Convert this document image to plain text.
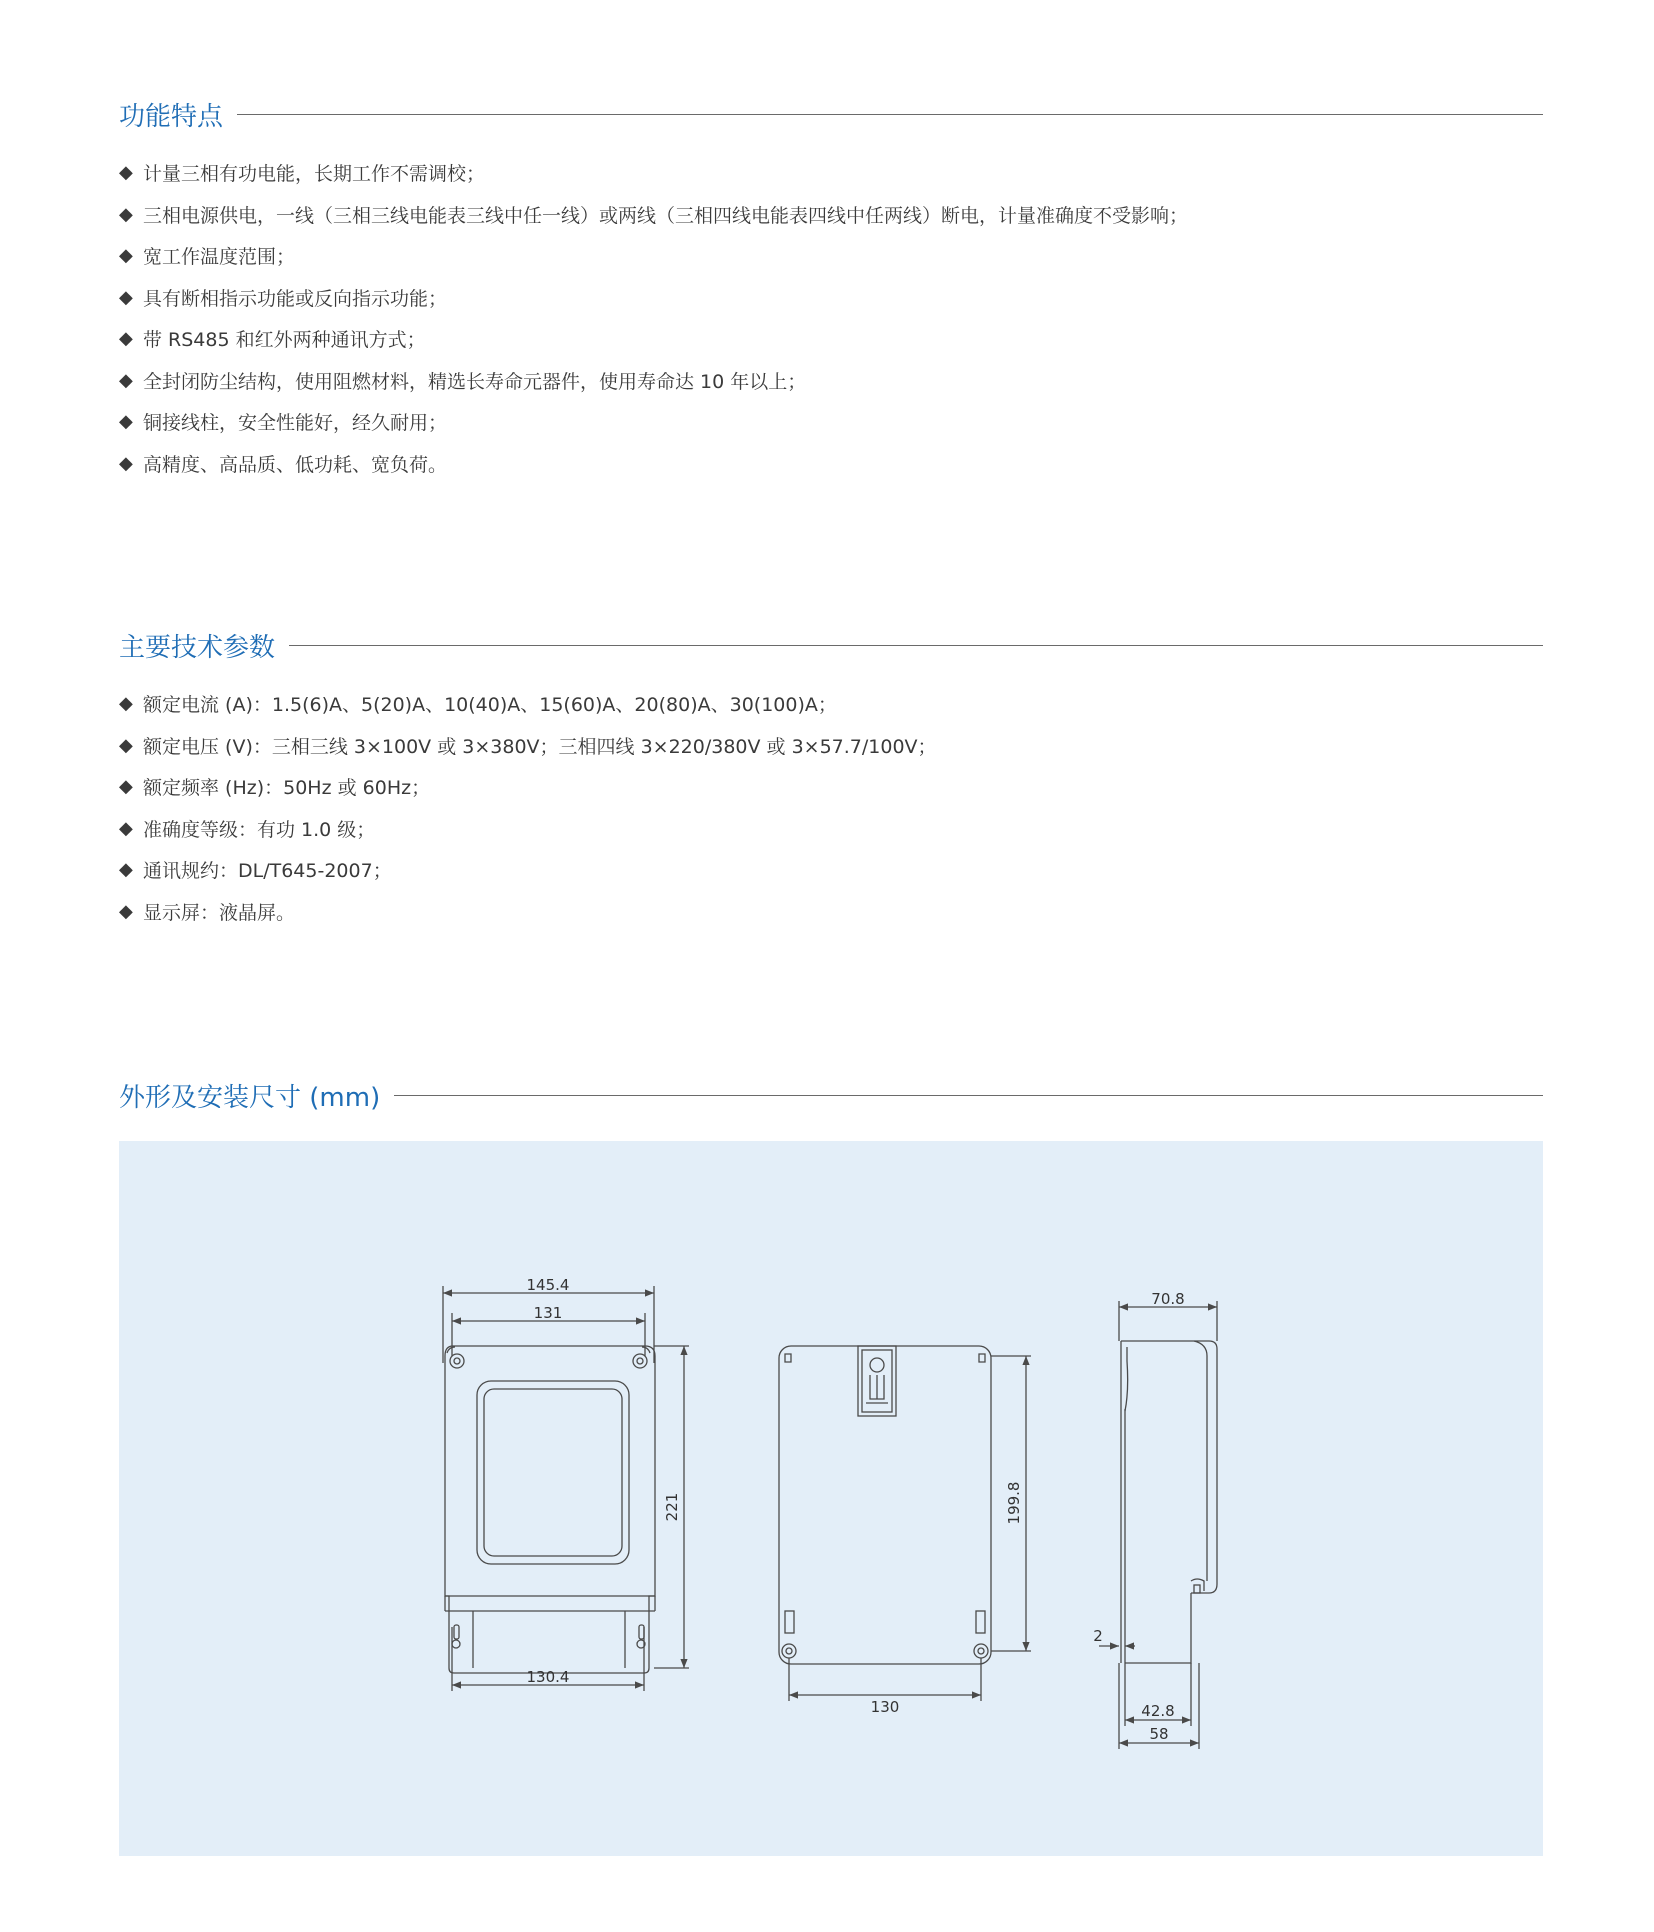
功能特点
◆ 计量三相有功电能，长期工作不需调校；
◆ 三相电源供电，一线（三相三线电能表三线中任一线）或两线（三相四线电能表四线中任两线）断电，计量准确度不受影响；
◆ 宽工作温度范围；
◆ 具有断相指示功能或反向指示功能；
◆ 带 RS485 和红外两种通讯方式；
◆ 全封闭防尘结构，使用阻燃材料，精选长寿命元器件，使用寿命达 10 年以上；
◆ 铜接线柱，安全性能好，经久耐用；
◆ 高精度、高品质、低功耗、宽负荷。
主要技术参数
◆ 额定电流 (A)：1.5(6)A、5(20)A、10(40)A、15(60)A、20(80)A、30(100)A；
◆ 额定电压 (V)：三相三线 3×100V 或 3×380V；三相四线 3×220/380V 或 3×57.7/100V；
◆ 额定频率 (Hz)：50Hz 或 60Hz；
◆ 准确度等级：有功 1.0 级；
◆ 通讯规约：DL/T645-2007；
◆ 显示屏：液晶屏。
外形及安装尺寸 (mm)
145.4
131
221
130.4
199.8
130
70.8
2
42.8
58
